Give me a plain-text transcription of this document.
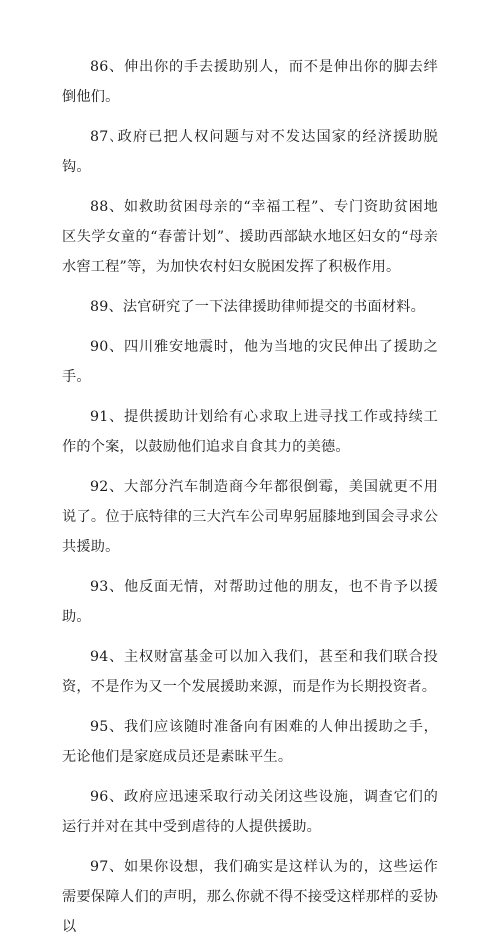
86、伸出你的手去援助别人，而不是伸出你的脚去绊倒他们。

87､政府已把人权问题与对不发达国家的经济援助脱钩。

88、如救助贫困母亲的“幸福工程”、专门资助贫困地区失学女童的“春蕾计划”、援助西部缺水地区妇女的“母亲水窖工程”等，为加快农村妇女脱困发挥了积极作用。

89、法官研究了一下法律援助律师提交的书面材料。

90、四川雅安地震时，他为当地的灾民伸出了援助之手。

91、提供援助计划给有心求取上进寻找工作或持续工作的个案，以鼓励他们追求自食其力的美德。

92、大部分汽车制造商今年都很倒霉，美国就更不用说了。位于底特律的三大汽车公司卑躬屈膝地到国会寻求公共援助。

93、他反面无情，对帮助过他的朋友，也不肯予以援助。

94、主权财富基金可以加入我们，甚至和我们联合投资，不是作为又一个发展援助来源，而是作为长期投资者。

95、我们应该随时准备向有困难的人伸出援助之手，无论他们是家庭成员还是素昧平生。

96、政府应迅速采取行动关闭这些设施，调查它们的运行并对在其中受到虐待的人提供援助。

97、如果你设想，我们确实是这样认为的，这些运作需要保障人们的声明，那么你就不得不接受这样那样的妥协以
